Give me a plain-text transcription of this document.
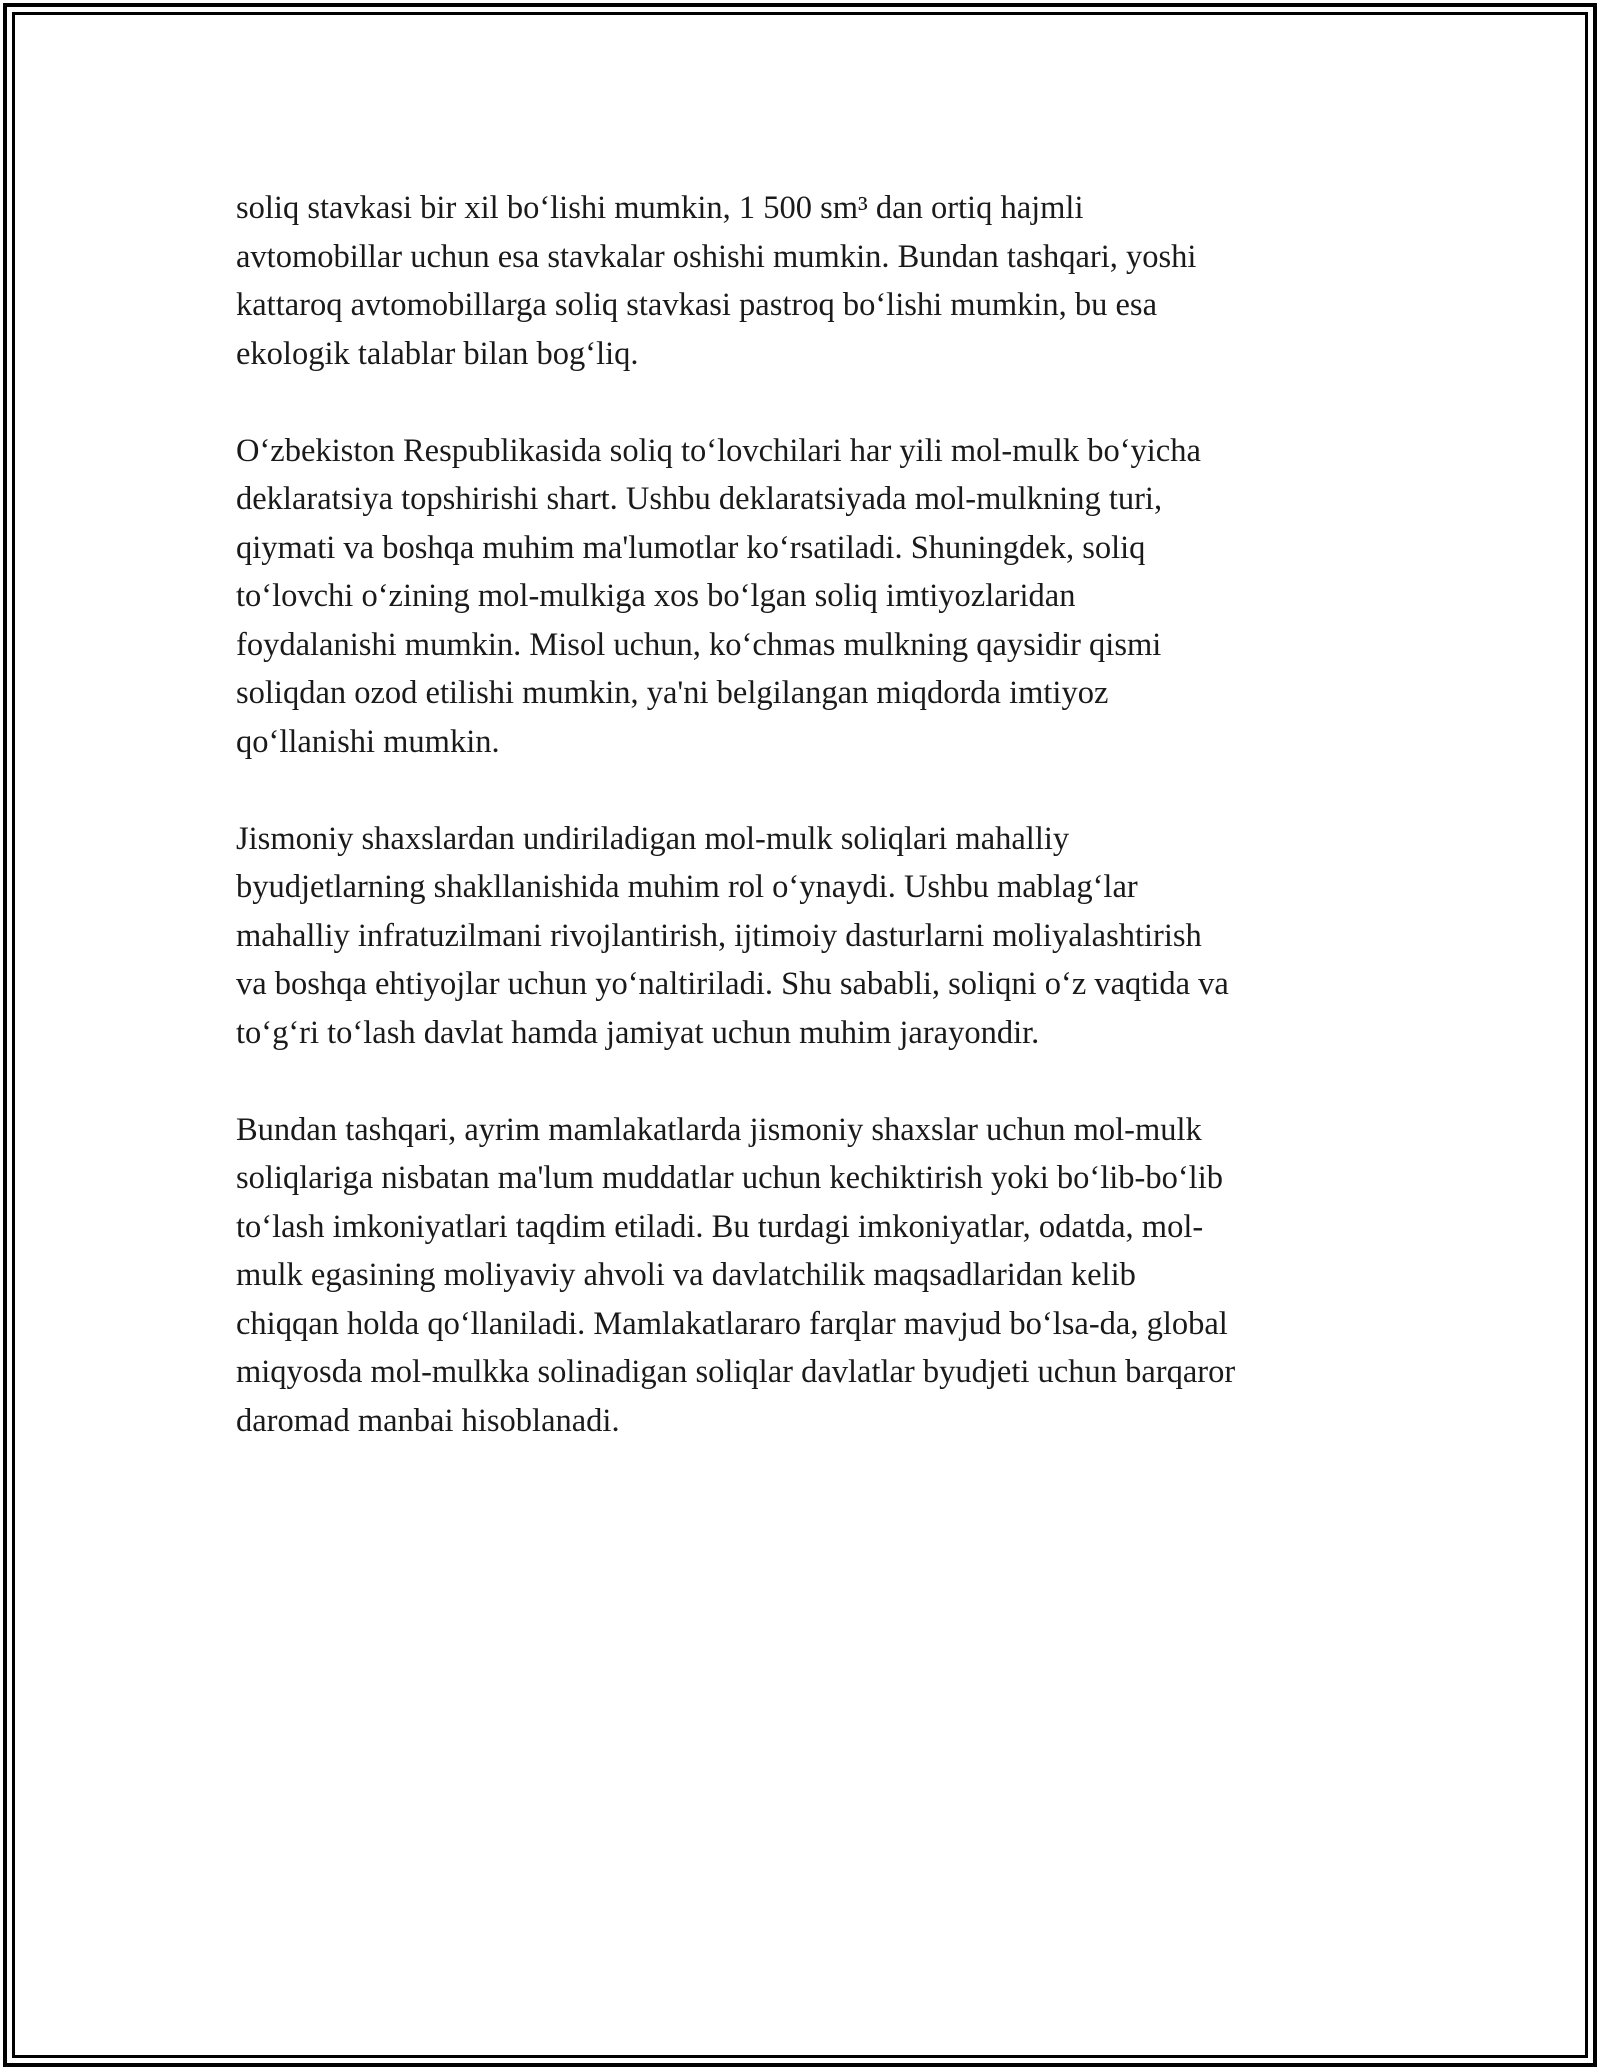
soliq stavkasi bir xil bo‘lishi mumkin, 1 500 sm³ dan ortiq hajmli
avtomobillar uchun esa stavkalar oshishi mumkin. Bundan tashqari, yoshi
kattaroq avtomobillarga soliq stavkasi pastroq bo‘lishi mumkin, bu esa
ekologik talablar bilan bog‘liq.

O‘zbekiston Respublikasida soliq to‘lovchilari har yili mol-mulk bo‘yicha
deklaratsiya topshirishi shart. Ushbu deklaratsiyada mol-mulkning turi,
qiymati va boshqa muhim ma'lumotlar ko‘rsatiladi. Shuningdek, soliq
to‘lovchi o‘zining mol-mulkiga xos bo‘lgan soliq imtiyozlaridan
foydalanishi mumkin. Misol uchun, ko‘chmas mulkning qaysidir qismi
soliqdan ozod etilishi mumkin, ya'ni belgilangan miqdorda imtiyoz
qo‘llanishi mumkin.

Jismoniy shaxslardan undiriladigan mol-mulk soliqlari mahalliy
byudjetlarning shakllanishida muhim rol o‘ynaydi. Ushbu mablag‘lar
mahalliy infratuzilmani rivojlantirish, ijtimoiy dasturlarni moliyalashtirish
va boshqa ehtiyojlar uchun yo‘naltiriladi. Shu sababli, soliqni o‘z vaqtida va
to‘g‘ri to‘lash davlat hamda jamiyat uchun muhim jarayondir.

Bundan tashqari, ayrim mamlakatlarda jismoniy shaxslar uchun mol-mulk
soliqlariga nisbatan ma'lum muddatlar uchun kechiktirish yoki bo‘lib-bo‘lib
to‘lash imkoniyatlari taqdim etiladi. Bu turdagi imkoniyatlar, odatda, mol-
mulk egasining moliyaviy ahvoli va davlatchilik maqsadlaridan kelib
chiqqan holda qo‘llaniladi. Mamlakatlararo farqlar mavjud bo‘lsa-da, global
miqyosda mol-mulkka solinadigan soliqlar davlatlar byudjeti uchun barqaror
daromad manbai hisoblanadi.
